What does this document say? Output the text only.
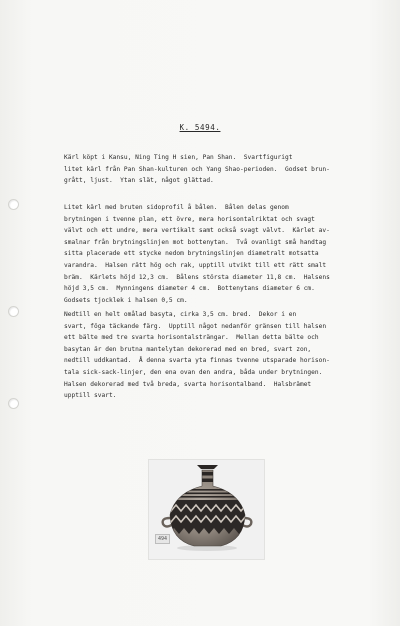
K. 5494.
Kärl köpt i Kansu, Ning Ting H sien, Pan Shan.  Svartfigurigt
litet kärl från Pan Shan-kulturen och Yang Shao-perioden.  Godset brun-
grått, ljust.  Ytan slät, något glättad.
Litet kärl med bruten sidoprofil å bålen.  Bålen delas genom
brytningen i tvenne plan, ett övre, mera horisontalriktat och svagt
välvt och ett undre, mera vertikalt samt också svagt välvt.  Kärlet av-
smalnar från brytningslinjen mot bottenytan.  Två ovanligt små handtag
sitta placerade ett stycke nedom brytningslinjen diametralt motsatta
varandra.  Halsen rätt hög och rak, upptill utvikt till ett rätt smalt
bräm.  Kärlets höjd 12,3 cm.  Bålens största diameter 11,8 cm.  Halsens
höjd 3,5 cm.  Mynningens diameter 4 cm.  Bottenytans diameter 6 cm.
Godsets tjocklek i halsen 0,5 cm.
Nedtill en helt omålad basyta, cirka 3,5 cm. bred.  Dekor i en
svart, föga täckande färg.  Upptill något nedanför gränsen till halsen
ett bälte med tre svarta horisontalsträngar.  Mellan detta bälte och
basytan är den brutna mantelytan dekorerad med en bred, svart zon,
nedtill uddkantad.  Å denna svarta yta finnas tvenne utsparade horison-
tala sick-sack-linjer, den ena ovan den andra, båda under brytningen.
Halsen dekorerad med två breda, svarta horisontalband.  Halsbrämet
upptill svart.
494
